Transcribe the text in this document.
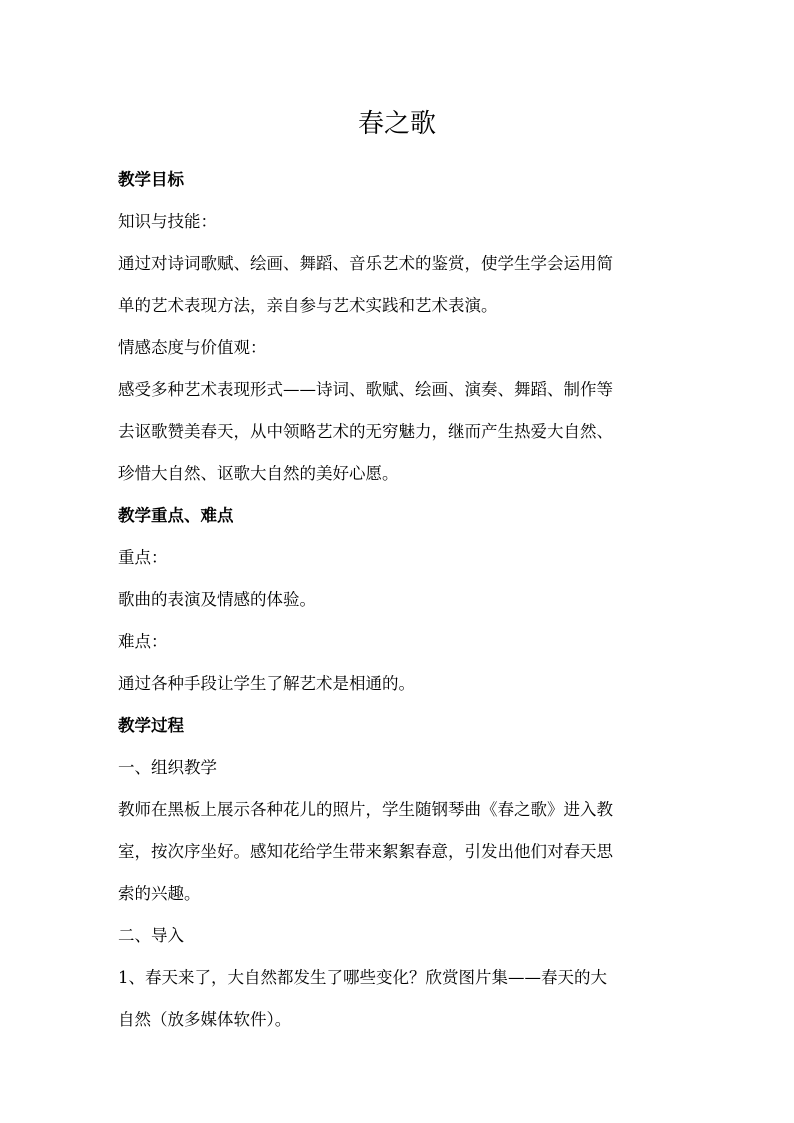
春之歌

教学目标

知识与技能：

通过对诗词歌赋、绘画、舞蹈、音乐艺术的鉴赏，使学生学会运用简

单的艺术表现方法，亲自参与艺术实践和艺术表演。

情感态度与价值观：

感受多种艺术表现形式——诗词、歌赋、绘画、演奏、舞蹈、制作等

去讴歌赞美春天，从中领略艺术的无穷魅力，继而产生热爱大自然、

珍惜大自然、讴歌大自然的美好心愿。

教学重点、难点

重点：

歌曲的表演及情感的体验。

难点：

通过各种手段让学生了解艺术是相通的。

教学过程

一、组织教学

教师在黑板上展示各种花儿的照片，学生随钢琴曲《春之歌》进入教

室，按次序坐好。感知花给学生带来絮絮春意，引发出他们对春天思

索的兴趣。

二、导入

1、春天来了，大自然都发生了哪些变化？欣赏图片集——春天的大

自然（放多媒体软件）。
